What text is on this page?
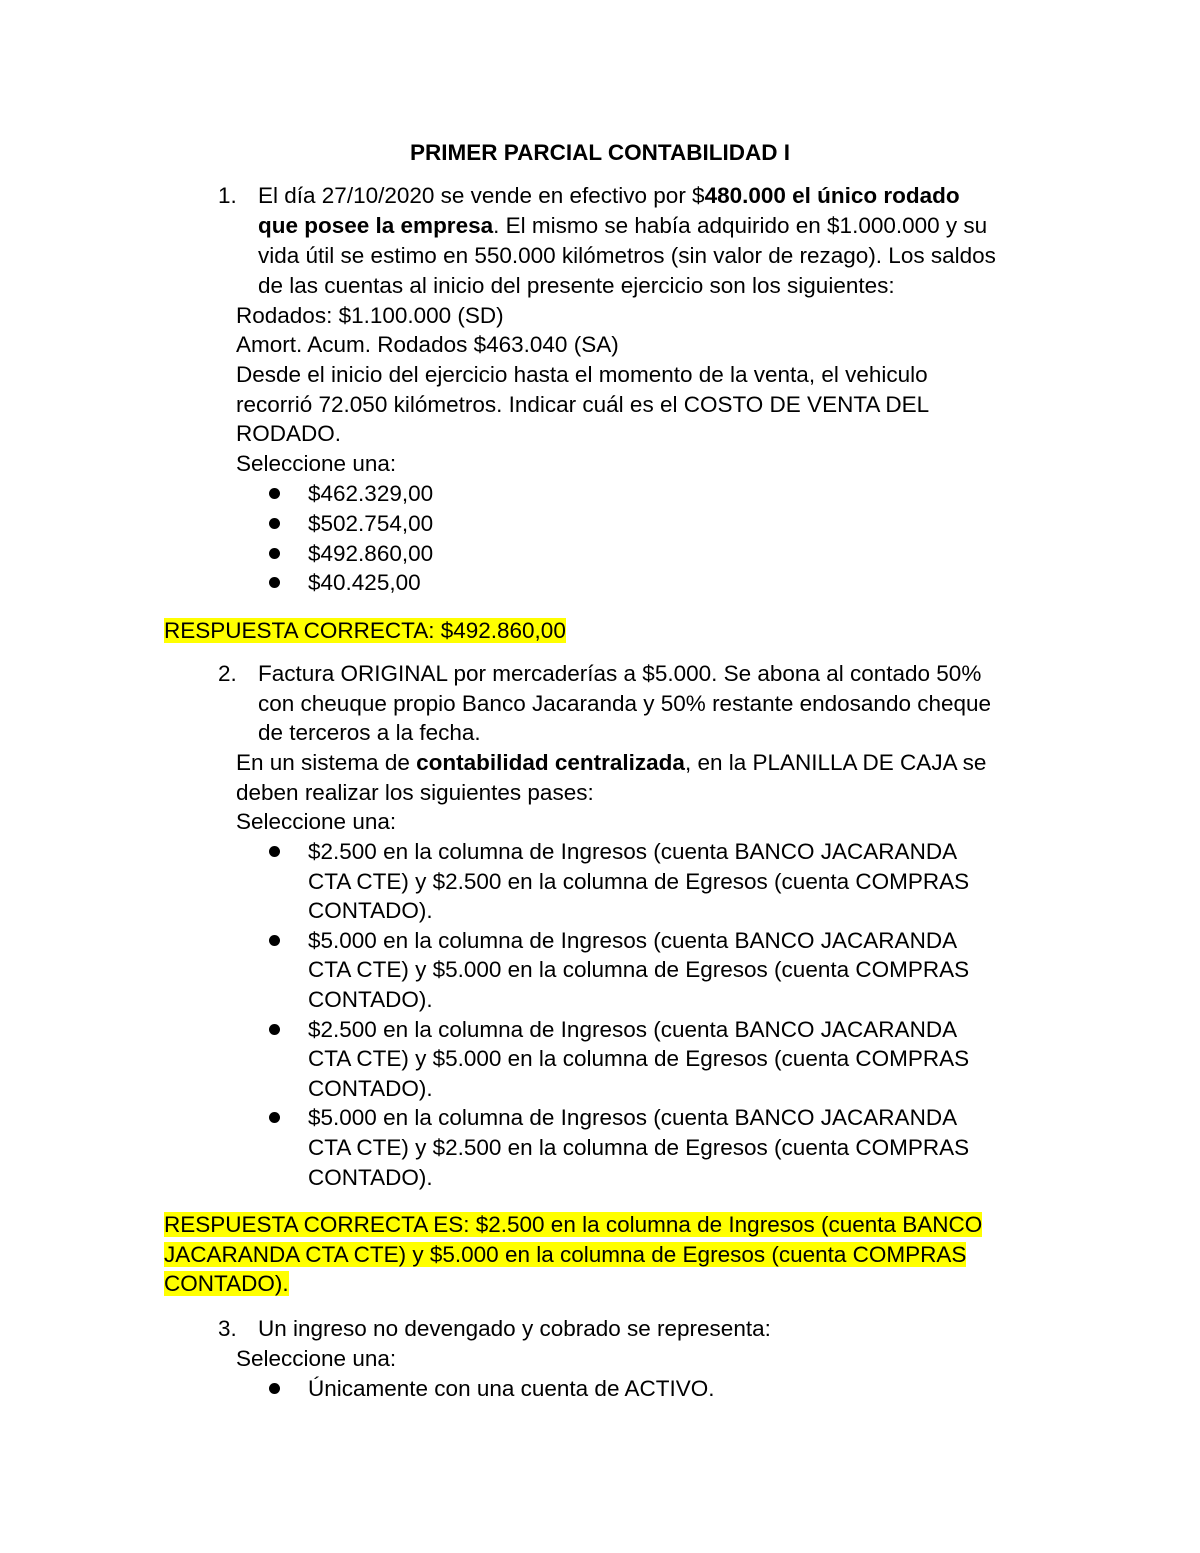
PRIMER PARCIAL CONTABILIDAD I
1. El día 27/10/2020 se vende en efectivo por $480.000 el único rodado

que posee la empresa. El mismo se había adquirido en $1.000.000 y su

vida útil se estimo en 550.000 kilómetros (sin valor de rezago). Los saldos

de las cuentas al inicio del presente ejercicio son los siguientes:

Rodados: $1.100.000 (SD)

Amort. Acum. Rodados $463.040 (SA)

Desde el inicio del ejercicio hasta el momento de la venta, el vehiculo

recorrió 72.050 kilómetros. Indicar cuál es el COSTO DE VENTA DEL

RODADO.

Seleccione una:

$462.329,00

$502.754,00

$492.860,00

$40.425,00

RESPUESTA CORRECTA: $492.860,00

2. Factura ORIGINAL por mercaderías a $5.000. Se abona al contado 50%

con cheuque propio Banco Jacaranda y 50% restante endosando cheque

de terceros a la fecha.

En un sistema de contabilidad centralizada, en la PLANILLA DE CAJA se

deben realizar los siguientes pases:

Seleccione una:

$2.500 en la columna de Ingresos (cuenta BANCO JACARANDA

CTA CTE) y $2.500 en la columna de Egresos (cuenta COMPRAS

CONTADO).

$5.000 en la columna de Ingresos (cuenta BANCO JACARANDA

CTA CTE) y $5.000 en la columna de Egresos (cuenta COMPRAS

CONTADO).

$2.500 en la columna de Ingresos (cuenta BANCO JACARANDA

CTA CTE) y $5.000 en la columna de Egresos (cuenta COMPRAS

CONTADO).

$5.000 en la columna de Ingresos (cuenta BANCO JACARANDA

CTA CTE) y $2.500 en la columna de Egresos (cuenta COMPRAS

CONTADO).

RESPUESTA CORRECTA ES: $2.500 en la columna de Ingresos (cuenta BANCO

JACARANDA CTA CTE) y $5.000 en la columna de Egresos (cuenta COMPRAS

CONTADO).

3. Un ingreso no devengado y cobrado se representa:

Seleccione una:

Únicamente con una cuenta de ACTIVO.
